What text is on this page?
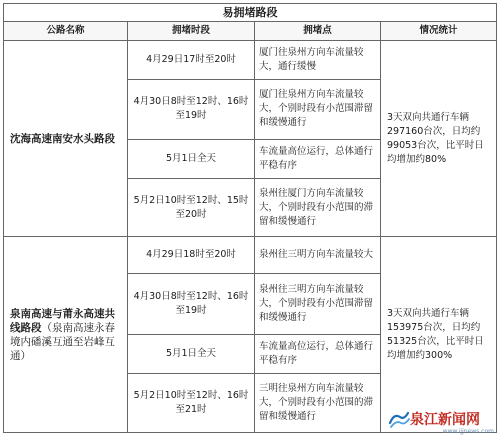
易拥堵路段			
公路名称	拥堵时段	拥堵点	情况统计
沈海高速南安水头路段	4月29日17时至20时	厦门往泉州方向车流量较大，通行缓慢	3天双向共通行车辆297160台次，日均约99053台次，比平时日均增加约80%
	4月30日8时至12时、16时至19时	厦门往泉州方向车流量较大，个别时段有小范围滞留和缓慢通行	
	5月1日全天	车流量高位运行，总体通行平稳有序	
	5月2日10时至12时、15时至20时	泉州往厦门方向车流量较大，个别时段有小范围的滞留和缓慢通行	
泉南高速与莆永高速共线路段（泉南高速永春境内磻溪互通至岩峰互通）	4月29日18时至20时	泉州往三明方向车流量较大	3天双向共通行车辆153975台次，日均约51325台次，比平时日均增加约300%
	4月30日8时至12时、16时至19时	泉州往三明方向车流量较大，个别时段有小范围滞留和缓慢通行	
	5月1日全天	车流量高位运行，总体通行平稳有序	
	5月2日10时至12时、16时至21时	三明往泉州方向车流量较大，个别时段有小范围的滞留和缓慢通行		泉江新闻网
www.ijjnews.com
